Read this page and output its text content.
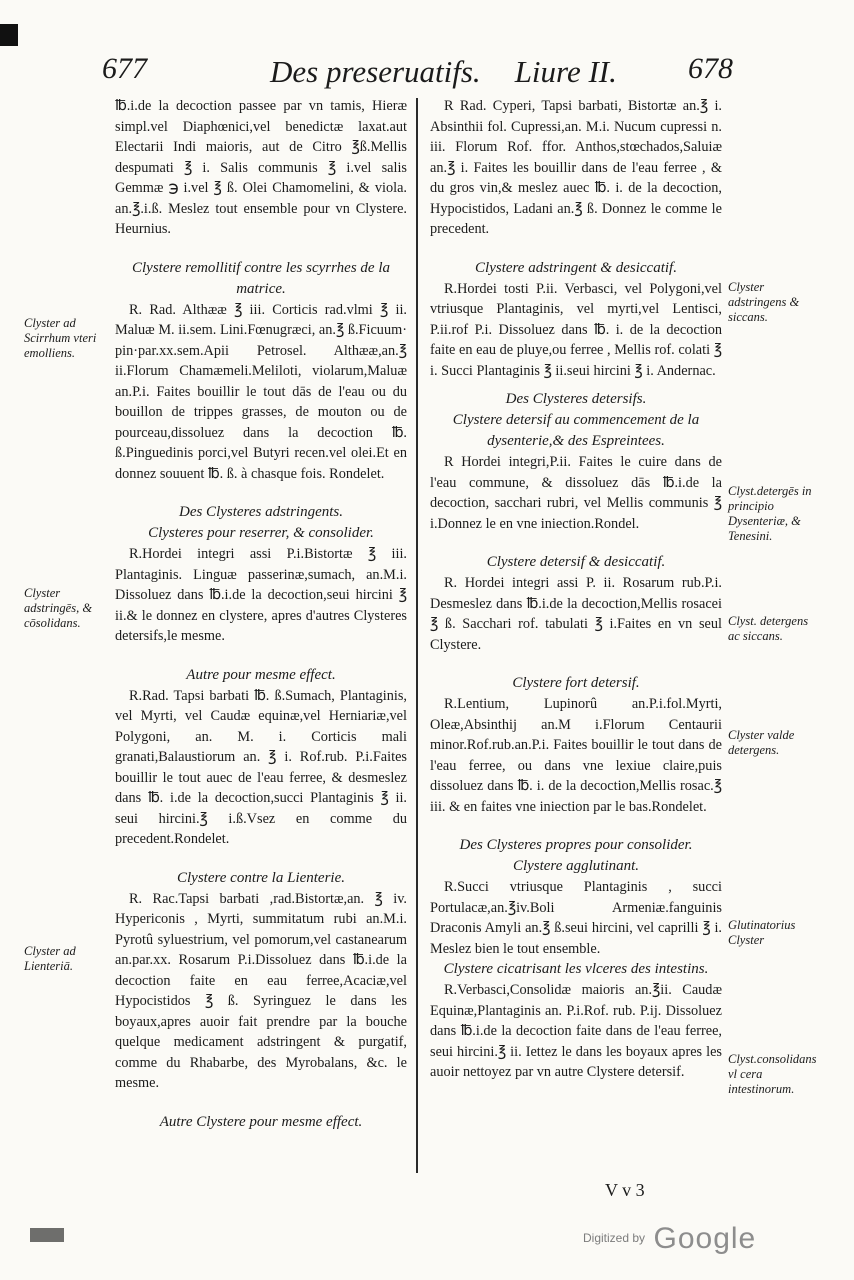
677	Des preseruatifs. Liure II. 678

℔.i.de la decoction passee par vn tamis, Hieræ simpl.vel Diaphœnici,vel benedictæ laxat.aut Electarii Indi maioris, aut de Citro ℥ß.Mellis despumati ℥ i. Salis communis ℥ i.vel salis Gemmæ ℈ i.vel ℥ ß. Olei Chamomelini, & viola. an.℥.i.ß. Meslez tout ensemble pour vn Clystere. Heurnius.

Clystere remollitif contre les scyrrhes de la matrice.

R. Rad. Althææ ℥ iii. Corticis rad.vlmi ℥ ii. Maluæ M. ii.sem. Lini.Fœnugræci, an.℥ ß.Ficuum· pin·par.xx.sem.Apii Petrosel. Althææ,an.℥ ii.Florum Chamæmeli.Meliloti, violarum,Maluæ an.P.i. Faites bouillir le tout dās de l'eau ou du bouillon de trippes grasses, de mouton ou de pourceau,dissoluez dans la decoction ℔. ß.Pinguedinis porci,vel Butyri recen.vel olei.Et en donnez souuent ℔. ß. à chasque fois. Rondelet.

Des Clysteres adstringents.

Clysteres pour reserrer, & consolider.

R.Hordei integri assi P.i.Bistortæ ℥ iii. Plantaginis. Linguæ passerinæ,sumach, an.M.i. Dissoluez dans ℔.i.de la decoction,seui hircini ℥ ii.& le donnez en clystere, apres d'autres Clysteres detersifs,le mesme.

Autre pour mesme effect.

R.Rad. Tapsi barbati ℔. ß.Sumach, Plantaginis, vel Myrti, vel Caudæ equinæ,vel Herniariæ,vel Polygoni, an. M. i. Corticis mali granati,Balaustiorum an. ℥ i. Rof.rub. P.i.Faites bouillir le tout auec de l'eau ferree, & desmeslez dans ℔. i.de la decoction,succi Plantaginis ℥ ii. seui hircini.℥ i.ß.Vsez en comme du precedent.Rondelet.

Clystere contre la Lienterie.

R. Rac.Tapsi barbati ,rad.Bistortæ,an. ℥ iv. Hypericonis , Myrti, summitatum rubi an.M.i. Pyrotû syluestrium, vel pomorum,vel castanearum an.par.xx. Rosarum P.i.Dissoluez dans ℔.i.de la decoction faite en eau ferree,Acaciæ,vel Hypocistidos ℥ ß. Syringuez le dans les boyaux,apres auoir fait prendre par la bouche quelque medicament adstringent & purgatif, comme du Rhabarbe, des Myrobalans, &c. le mesme.

Autre Clystere pour mesme effect.

R Rad. Cyperi, Tapsi barbati, Bistortæ an.℥ i. Absinthii fol. Cupressi,an. M.i. Nucum cupressi n. iii. Florum Rof. ffor. Anthos,stœchados,Saluiæ an.℥ i. Faites les bouillir dans de l'eau ferree , & du gros vin,& meslez auec ℔. i. de la decoction, Hypocistidos, Ladani an.℥ ß. Donnez le comme le precedent.

Clystere adstringent & desiccatif.

R.Hordei tosti P.ii. Verbasci, vel Polygoni,vel vtriusque Plantaginis, vel myrti,vel Lentisci, P.ii.rof P.i. Dissoluez dans ℔. i. de la decoction faite en eau de pluye,ou ferree , Mellis rof. colati ℥ i. Succi Plantaginis ℥ ii.seui hircini ℥ i. Andernac.

Des Clysteres detersifs.

Clystere detersif au commencement de la dysenterie,& des Espreintees.

R Hordei integri,P.ii. Faites le cuire dans de l'eau commune, & dissoluez dās ℔.i.de la decoction, sacchari rubri, vel Mellis communis ℥ i.Donnez le en vne iniection.Rondel.

Clystere detersif & desiccatif.

R. Hordei integri assi P. ii. Rosarum rub.P.i. Desmeslez dans ℔.i.de la decoction,Mellis rosacei ℥ ß. Sacchari rof. tabulati ℥ i.Faites en vn seul Clystere.

Clystere fort detersif.

R.Lentium, Lupinorû an.P.i.fol.Myrti, Oleæ,Absinthij an.M i.Florum Centaurii minor.Rof.rub.an.P.i. Faites bouillir le tout dans de l'eau ferree, ou dans vne lexiue claire,puis dissoluez dans ℔. i. de la decoction,Mellis rosac.℥ iii. & en faites vne iniection par le bas.Rondelet.

Des Clysteres propres pour consolider.

Clystere agglutinant.

R.Succi vtriusque Plantaginis , succi Portulacæ,an.℥iv.Boli Armeniæ.fanguinis Draconis Amyli an.℥ ß.seui hircini, vel caprilli ℥ i. Meslez bien le tout ensemble.

Clystere cicatrisant les vlceres des intestins.

R.Verbasci,Consolidæ maioris an.℥ii. Caudæ Equinæ,Plantaginis an. P.i.Rof. rub. P.ij. Dissoluez dans ℔.i.de la decoction faite dans de l'eau ferree, seui hircini.℥ ii. Iettez le dans les boyaux apres les auoir nettoyez par vn autre Clystere detersif.

Clyster ad Scirrhum vteri emolliens.
Clyster adstringēs, & cōsolidans.
Clyster ad Lienteriā.
Clyster adstringens & siccans.
Clyst.detergēs in principio Dysenteriæ, & Tenesini.
Clyst. detergens ac siccans.
Clyster valde detergens.
Glutinatorius Clyster
Clyst.consolidans vl cera intestinorum.
V v 3
$^{Digitized by}$ Google
